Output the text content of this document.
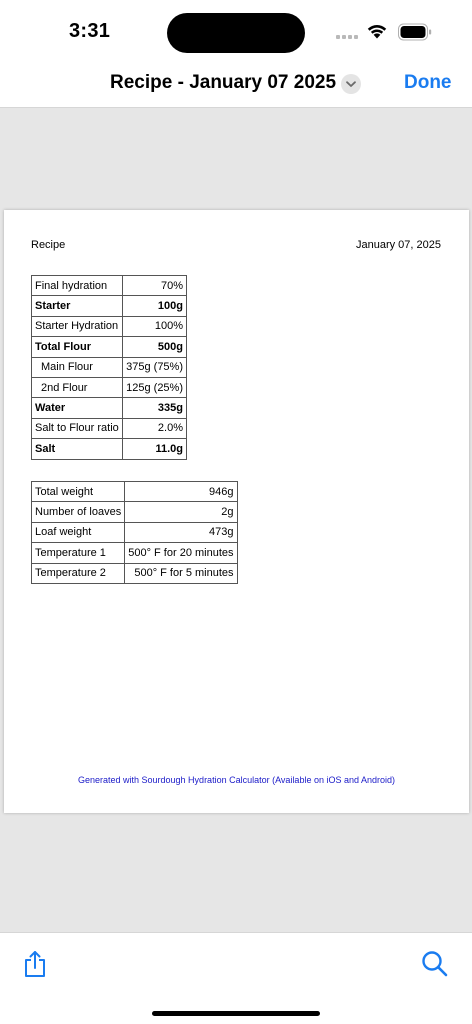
3:31
Recipe - January 07 2025	Done
Recipe	January 07, 2025
Final hydration	70%
Starter	100g
Starter Hydration	100%
Total Flour	500g
Main Flour	375g (75%)
2nd Flour	125g (25%)
Water	335g
Salt to Flour ratio	2.0%
Salt	11.0g
Total weight	946g
Number of loaves	2g
Loaf weight	473g
Temperature 1	500° F for 20 minutes
Temperature 2	500° F for 5 minutes
Generated with Sourdough Hydration Calculator (Available on iOS and Android)
